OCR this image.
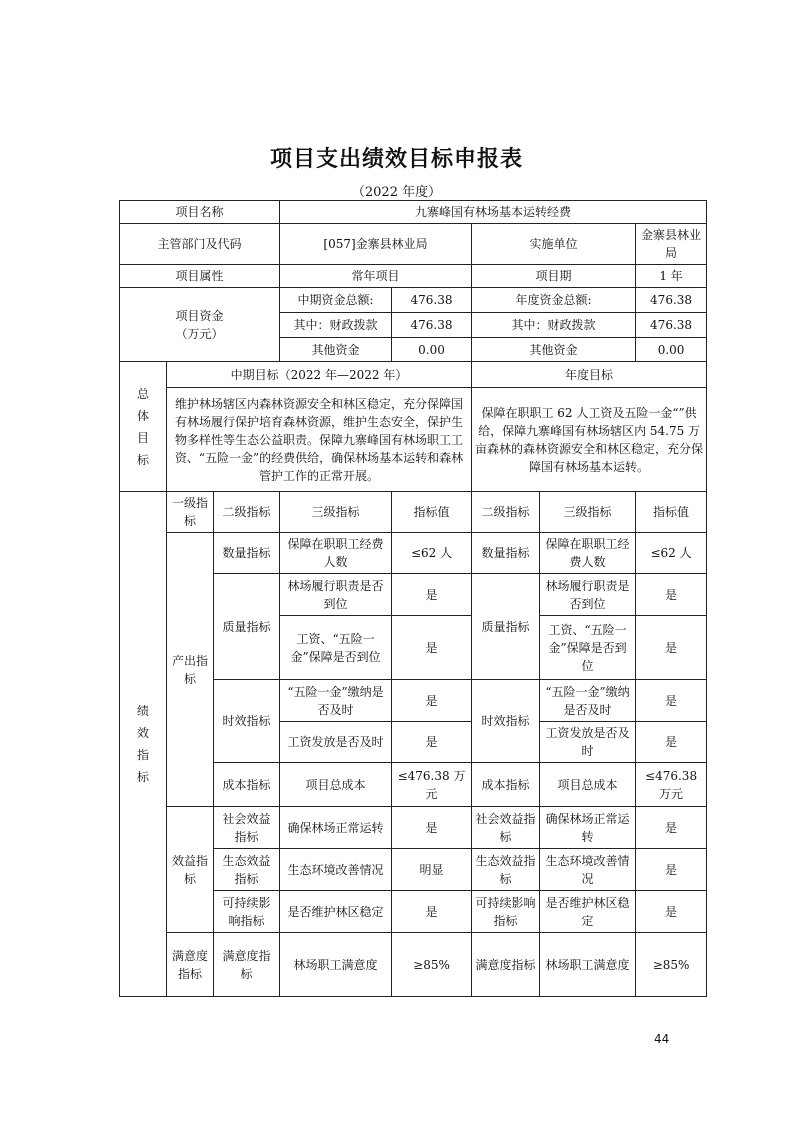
项目支出绩效目标申报表
（2022 年度）
项目名称			九寨峰国有林场基本运转经费				
主管部门及代码			[057]金寨县林业局		实施单位		金寨县林业局
项目属性			常年项目		项目期		1 年

项目资金
（万元）			中期资金总额:	476.38	年度资金总额:		476.38
			其中：财政拨款	476.38	其中：财政拨款		476.38
			其他资金	0.00	其他资金		0.00
总体目标	中期目标（2022 年—2022 年）				年度目标		
	维护林场辖区内森林资源安全和林区稳定，充分保障国有林场履行保护培育森林资源，维护生态安全，保护生物多样性等生态公益职责。保障九寨峰国有林场职工工资、“五险一金”的经费供给，确保林场基本运转和森林管护工作的正常开展。				保障在职职工 62 人工资及五险一金“”供给，保障九寨峰国有林场辖区内 54.75 万亩森林的森林资源安全和林区稳定，充分保障国有林场基本运转。		
绩效指标	一级指标	二级指标	三级指标	指标值	二级指标	三级指标	指标值
	产出指标	数量指标	保障在职职工经费人数	≤62 人	数量指标	保障在职职工经费人数	≤62 人
		质量指标	林场履行职责是否到位	是	质量指标	林场履行职责是否到位	是
			工资、“五险一金”保障是否到位	是		工资、“五险一金”保障是否到位	是
		时效指标	“五险一金”缴纳是否及时	是	时效指标	“五险一金”缴纳是否及时	是
			工资发放是否及时	是		工资发放是否及时	是
		成本指标	项目总成本	≤476.38 万元	成本指标	项目总成本	≤476.38 万元
	效益指标	社会效益指标	确保林场正常运转	是	社会效益指标	确保林场正常运转	是
		生态效益指标	生态环境改善情况	明显	生态效益指标	生态环境改善情况	是
		可持续影响指标	是否维护林区稳定	是	可持续影响指标	是否维护林区稳定	是
	满意度指标	满意度指标	林场职工满意度	≥85%	满意度指标	林场职工满意度	≥85%
44
